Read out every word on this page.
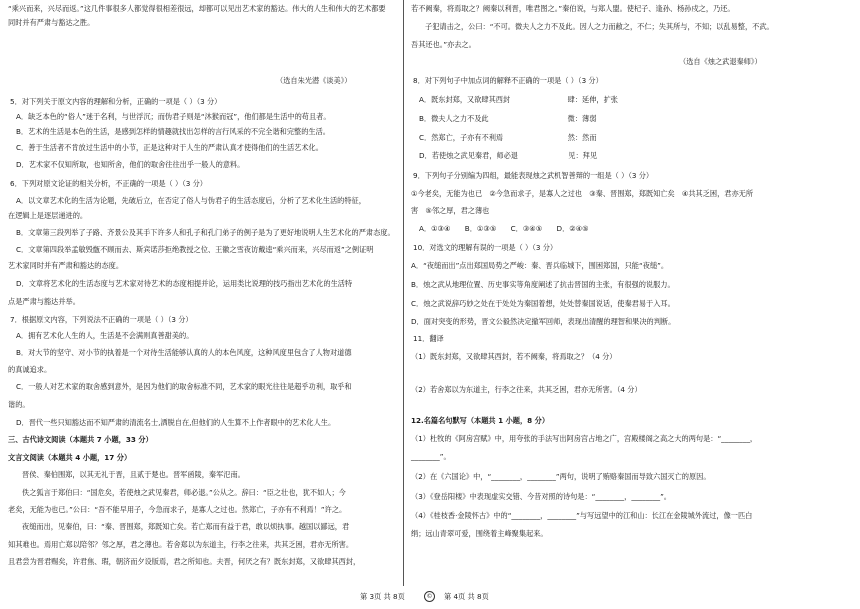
“乘兴而来，兴尽而返。”这几件事很多人都觉得很相差很远，却都可以见出艺术家的豁达。伟大的人生和伟大的艺术都要
同时并有严肃与豁达之胜。
（选自朱光潜《谈美》）
5．对下列关于原文内容的理解和分析，正确的一项是（ ）（3 分）
A．缺乏本色的“俗人”迷于名利，与世浮沉；而伪君子则是“沐猴而冠”，他们都是生活中的苟且者。
B．艺术的生活是本色的生活，是感到怎样的情趣就找出怎样的言行风采的不完全谐和完整的生活。
C．善于生活者不肯放过生活中的小节，正是这种对于人生的严肃认真才使得他们的生活艺术化。
D．艺术家不仅知所取，也知所舍，他们的取舍往往出乎一般人的意料。
6．下列对原文论证的相关分析，不正确的一项是（ ）（3 分）
A．以文章艺术化的生活为论题，先破后立，在否定了俗人与伪君子的生活态度后，分析了艺术化生活的特征，
在逻辑上是逐层递进的。
B．文章第三段列举了子路、齐景公及其手下许多人和孔子和孔门弟子的例子是为了更好地说明人生艺术化的严肃态度。
C．文章第四段举孟敏毁甑不顾而去、斯宾诺莎拒绝教授之位、王徽之雪夜访戴逵“乘兴而来，兴尽而返”之例证明
艺术家同时并有严肃和豁达的态度。
D．文章将艺术化的生活态度与艺术家对待艺术的态度相提并论，运用类比说理的技巧指出艺术化的生活特
点是严肃与豁达并举。
7．根据原文内容，下列说法不正确的一项是（ ）（3 分）
A．拥有艺术化人生的人，生活是不会满则真善甜美的。
B．对大节的坚守、对小节的执着是一个对待生活能够认真的人的本色风度，这种风度里包含了人物对道德
的真诚追求。
C．一般人对艺术家的取舍感到意外，是因为他们的取舍标准不同，艺术家的眼光往往是超乎功利，取乎和
谐的。
D．晋代一些只知豁达而不知严肃的清流名士,洒脱自在,但他们的人生算不上作者眼中的艺术化人生。
三、古代诗文阅读（本题共 7 小题，33 分）
文言文阅读（本题共 4 小题，17 分）
晋侯、秦伯围郑，以其无礼于晋，且贰于楚也。晋军函陵，秦军氾南。
佚之狐言于郑伯曰：“国危矣，若使烛之武见秦君，师必退。”公从之。辞曰：“臣之壮也，犹不如人；今
老矣，无能为也已。”公曰：“吾不能早用子，今急而求子，是寡人之过也。然郑亡，子亦有不利焉！”许之。
夜缒而出，见秦伯，曰：“秦、晋围郑，郑既知亡矣。若亡郑而有益于君，敢以烦执事。越国以鄙远，君
知其难也。焉用亡郑以陪邻？邻之厚，君之薄也。若舍郑以为东道主，行李之往来，共其乏困，君亦无所害。
且君尝为晋君赐矣，许君焦、瑕，朝济而夕设版焉，君之所知也。夫晋，何厌之有？既东封郑，又欲肆其西封，
若不阙秦，将焉取之？阙秦以利晋，唯君图之。”秦伯说，与郑人盟。使杞子、逢孙、杨孙戍之，乃还。
子犯请击之，公曰：“不可。微夫人之力不及此。因人之力而敝之，不仁；失其所与，不知；以乱易整，不武。
吾其还也。”亦去之。
（选自《烛之武退秦师》）
8．对下列句子中加点词的解释不正确的一项是（ ）（3 分）
A．既东封郑，又欲肆其西封　　　　　　　　肆：延伸，扩张
B．微夫人之力不及此　　　　　　　　　　　微：薄弱
C．然郑亡，子亦有不利焉　　　　　　　　　然：然而
D．若使烛之武见秦君，师必退　　　　　　　见：拜见
9．下列句子分别编为四组，最能表现烛之武机智善辩的一组是（ ）（3 分）
①今老矣，无能为也已　②今急而求子，是寡人之过也　③秦、晋围郑，郑既知亡矣　④共其乏困，君亦无所
害　⑤邻之厚，君之薄也
A．①③④　　B．①③⑤　　C．③④⑤　　D．②④⑤
10．对选文的理解有误的一项是（ ）（3 分）
A．“夜缒而出”点出郑国局势之严峻：秦、晋兵临城下，围困郑国，只能“夜缒”。
B．烛之武从地理位置、历史事实等角度阐述了抗击晋国的主张，有很强的说服力。
C．烛之武说辞巧妙之处在于处处为秦国着想，处处替秦国说话，使秦君易于入耳。
D．面对突变的形势，晋文公毅然决定撤军回师，表现出清醒的理智和果决的判断。
11．翻译
（1）既东封郑，又欲肆其西封，若不阙秦，将焉取之？（4 分）
（2）若舍郑以为东道主，行李之往来，共其乏困，君亦无所害。（4 分）
12.名篇名句默写（本题共 1 小题，8 分）
（1）杜牧的《阿房宫赋》中，用夸张的手法写出阿房宫占地之广，宫殿楼阁之高之大的两句是：“________，
________”。
（2）在《六国论》中，“________，________”两句，说明了贿赂秦国而导致六国灭亡的原因。
（3）《登岳阳楼》中表现虚实交错、今昔对照的诗句是：“________，________”。
（4）《桂枝香·金陵怀古》中的“________，________”与写远望中的江和山：长江在金陵城外流过，像一匹白
绢；远山青翠可爱，围绕着主峰聚集起来。
第 3页 共 8页	©	第 4页 共 8页
